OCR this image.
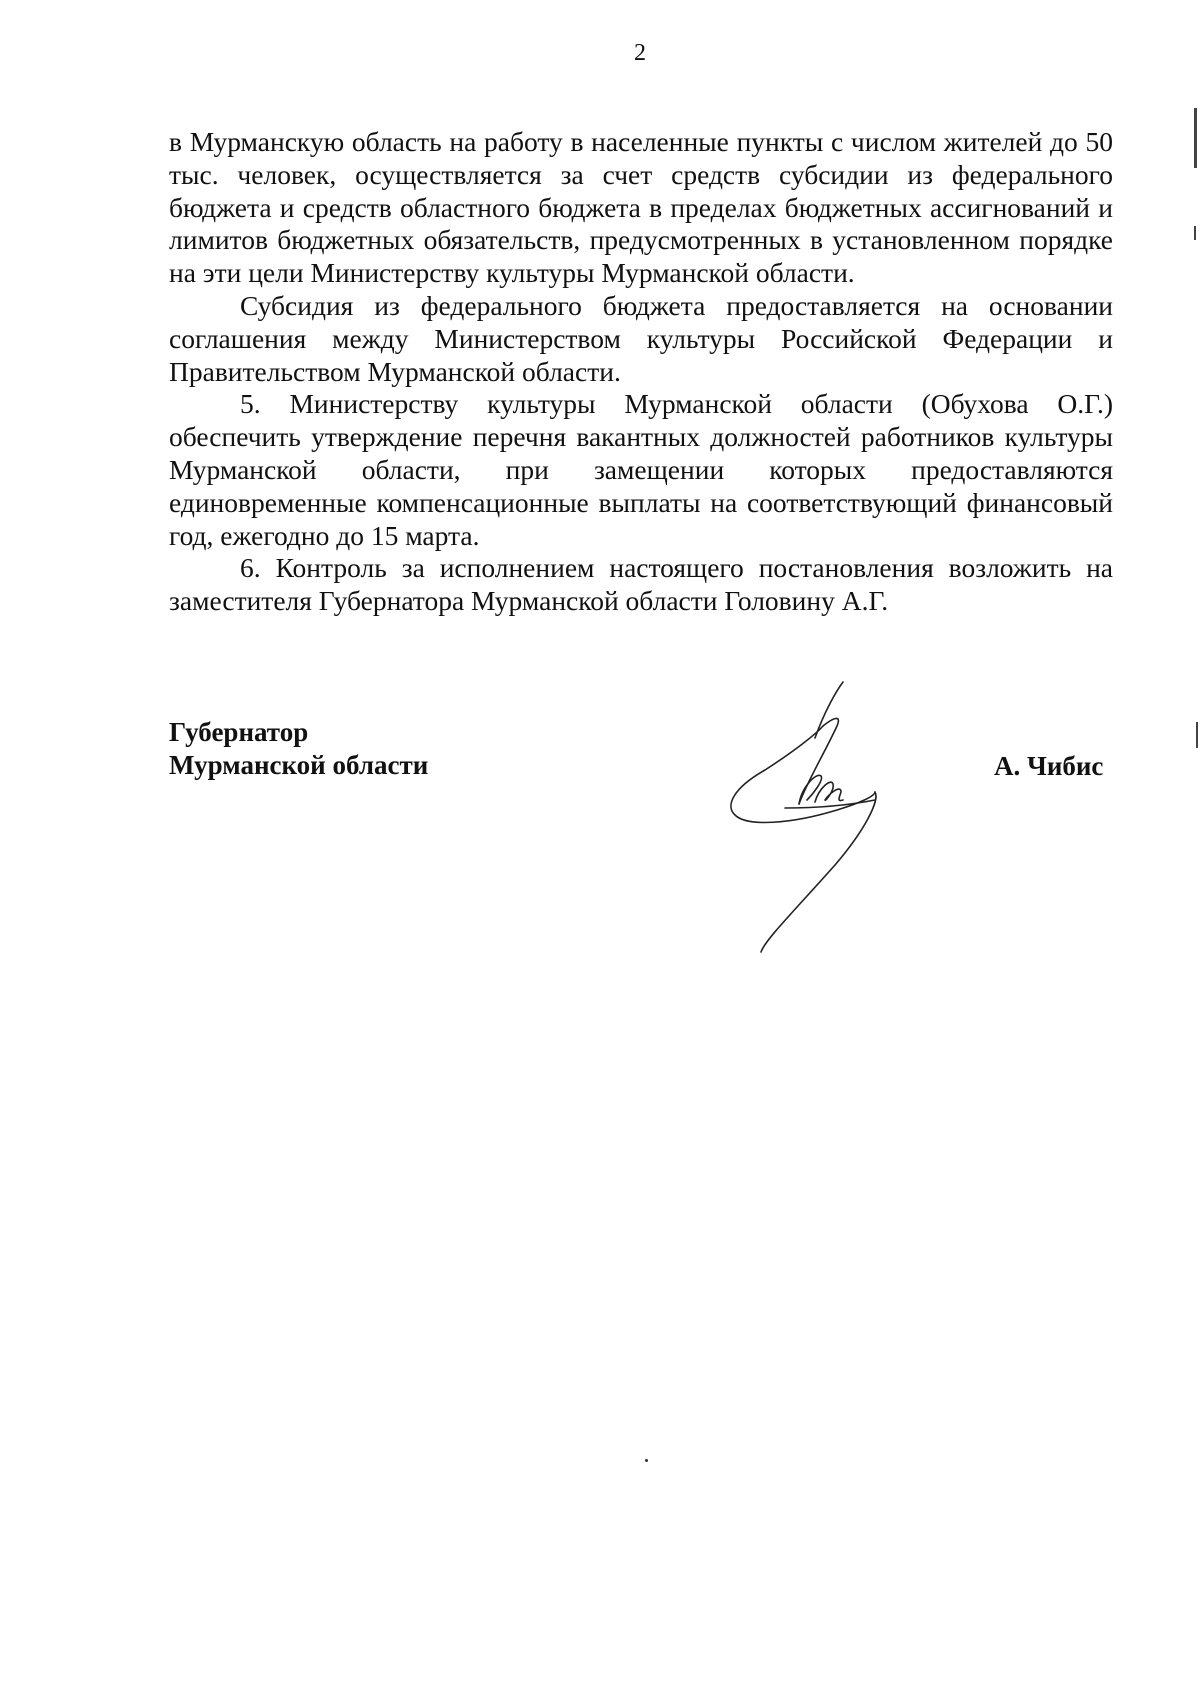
2

в Мурманскую область на работу в населенные пункты с числом жителей до 50 тыс. человек, осуществляется за счет средств субсидии из федерального бюджета и средств областного бюджета в пределах бюджетных ассигнований и лимитов бюджетных обязательств, предусмотренных в установленном порядке на эти цели Министерству культуры Мурманской области.

Субсидия из федерального бюджета предоставляется на основании соглашения между Министерством культуры Российской Федерации и Правительством Мурманской области.

5. Министерству культуры Мурманской области (Обухова О.Г.) обеспечить утверждение перечня вакантных должностей работников культуры Мурманской области, при замещении которых предоставляются единовременные компенсационные выплаты на соответствующий финансовый год, ежегодно до 15 марта.

6. Контроль за исполнением настоящего постановления возложить на заместителя Губернатора Мурманской области Головину А.Г.

Губернатор
Мурманской области	А. Чибис
